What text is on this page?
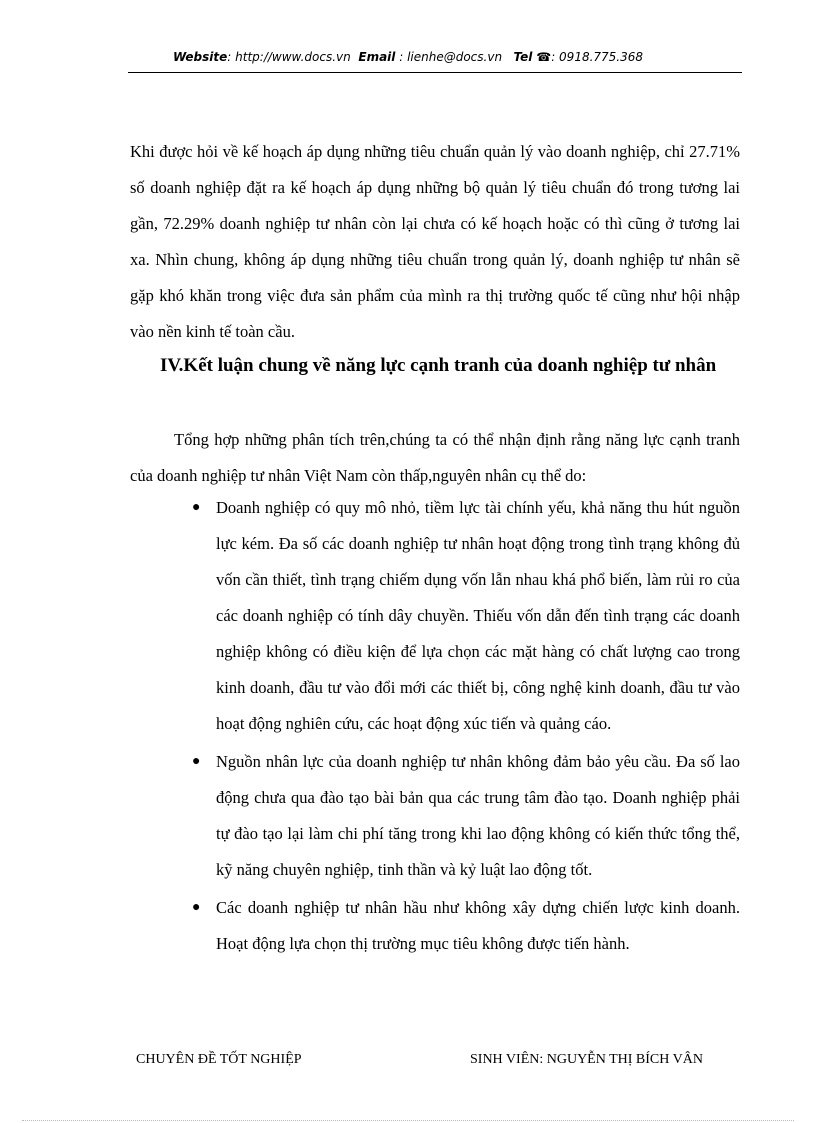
Website: http://www.docs.vn Email : lienhe@docs.vn Tel ☎: 0918.775.368
Khi được hỏi về kế hoạch áp dụng những tiêu chuẩn quản lý vào doanh nghiệp, chỉ 27.71% số doanh nghiệp đặt ra kế hoạch áp dụng những bộ quản lý tiêu chuẩn đó trong tương lai gần, 72.29% doanh nghiệp tư nhân còn lại chưa có kế hoạch hoặc có thì cũng ở tương lai xa. Nhìn chung, không áp dụng những tiêu chuẩn trong quản lý, doanh nghiệp tư nhân sẽ gặp khó khăn trong việc đưa sản phẩm của mình ra thị trường quốc tế cũng như hội nhập vào nền kinh tế toàn cầu.
IV.Kết luận chung về năng lực cạnh tranh của doanh nghiệp tư nhân
Tổng hợp những phân tích trên,chúng ta có thể nhận định rằng năng lực cạnh tranh của doanh nghiệp tư nhân Việt Nam còn thấp,nguyên nhân cụ thể do:
● Doanh nghiệp có quy mô nhỏ, tiềm lực tài chính yếu, khả năng thu hút nguồn lực kém. Đa số các doanh nghiệp tư nhân hoạt động trong tình trạng không đủ vốn cần thiết, tình trạng chiếm dụng vốn lẫn nhau khá phổ biến, làm rủi ro của các doanh nghiệp có tính dây chuyền. Thiếu vốn dẫn đến tình trạng các doanh nghiệp không có điều kiện để lựa chọn các mặt hàng có chất lượng cao trong kinh doanh, đầu tư vào đổi mới các thiết bị, công nghệ kinh doanh, đầu tư vào hoạt động nghiên cứu, các hoạt động xúc tiến và quảng cáo.
● Nguồn nhân lực của doanh nghiệp tư nhân không đảm bảo yêu cầu. Đa số lao động chưa qua đào tạo bài bản qua các trung tâm đào tạo. Doanh nghiệp phải tự đào tạo lại làm chi phí tăng trong khi lao động không có kiến thức tổng thể, kỹ năng chuyên nghiệp, tinh thần và kỷ luật lao động tốt.
● Các doanh nghiệp tư nhân hầu như không xây dựng chiến lược kinh doanh. Hoạt động lựa chọn thị trường mục tiêu không được tiến hành.
CHUYÊN ĐỀ TỐT NGHIỆP	SINH VIÊN: NGUYỄN THỊ BÍCH VÂN
